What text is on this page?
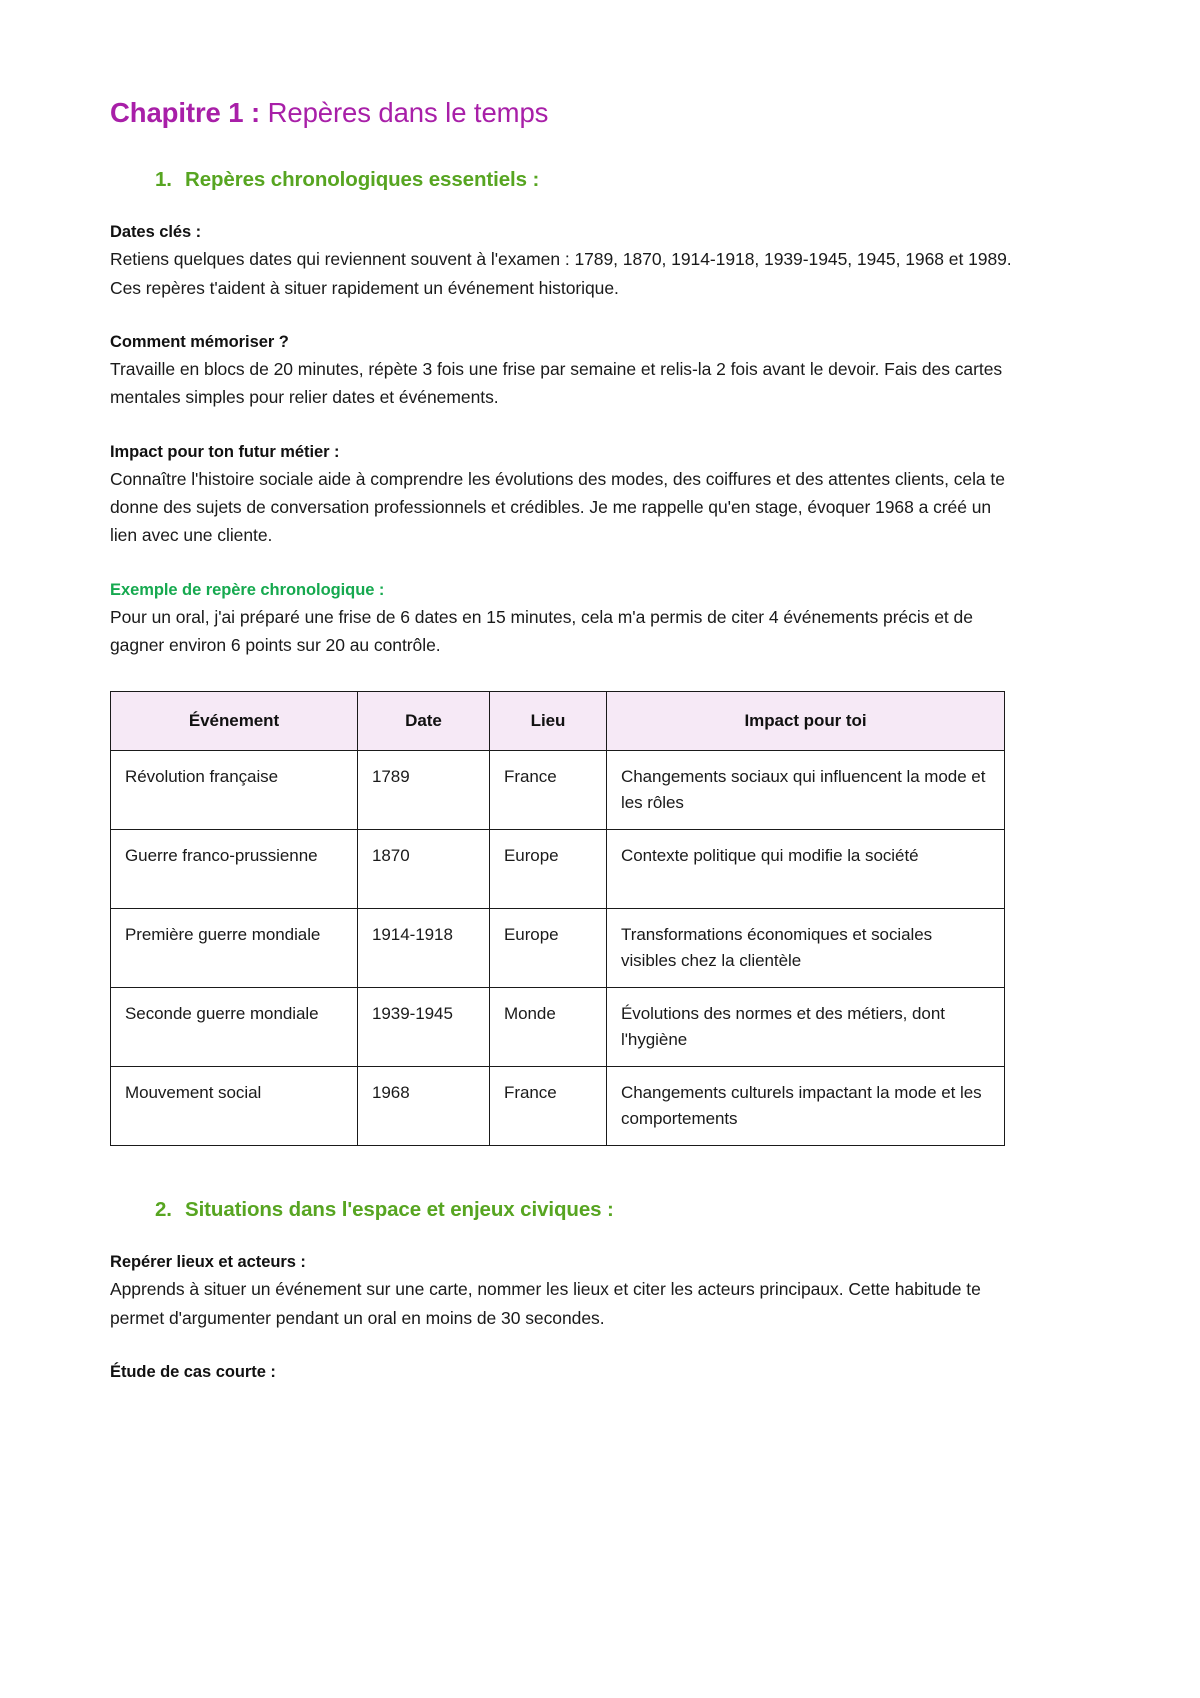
Chapitre 1 : Repères dans le temps
1. Repères chronologiques essentiels :
Dates clés :

Retiens quelques dates qui reviennent souvent à l'examen : 1789, 1870, 1914-1918, 1939-1945, 1945, 1968 et 1989. Ces repères t'aident à situer rapidement un événement historique.

Comment mémoriser ?

Travaille en blocs de 20 minutes, répète 3 fois une frise par semaine et relis-la 2 fois avant le devoir. Fais des cartes mentales simples pour relier dates et événements.

Impact pour ton futur métier :

Connaître l'histoire sociale aide à comprendre les évolutions des modes, des coiffures et des attentes clients, cela te donne des sujets de conversation professionnels et crédibles. Je me rappelle qu'en stage, évoquer 1968 a créé un lien avec une cliente.

Exemple de repère chronologique :

Pour un oral, j'ai préparé une frise de 6 dates en 15 minutes, cela m'a permis de citer 4 événements précis et de gagner environ 6 points sur 20 au contrôle.

Événement	Date	Lieu	Impact pour toi
Révolution française	1789	France	Changements sociaux qui influencent la mode et les rôles
Guerre franco-prussienne	1870	Europe	Contexte politique qui modifie la société
Première guerre mondiale	1914-1918	Europe	Transformations économiques et sociales visibles chez la clientèle
Seconde guerre mondiale	1939-1945	Monde	Évolutions des normes et des métiers, dont l'hygiène
Mouvement social	1968	France	Changements culturels impactant la mode et les comportements
2. Situations dans l'espace et enjeux civiques :
Repérer lieux et acteurs :

Apprends à situer un événement sur une carte, nommer les lieux et citer les acteurs principaux. Cette habitude te permet d'argumenter pendant un oral en moins de 30 secondes.

Étude de cas courte :
